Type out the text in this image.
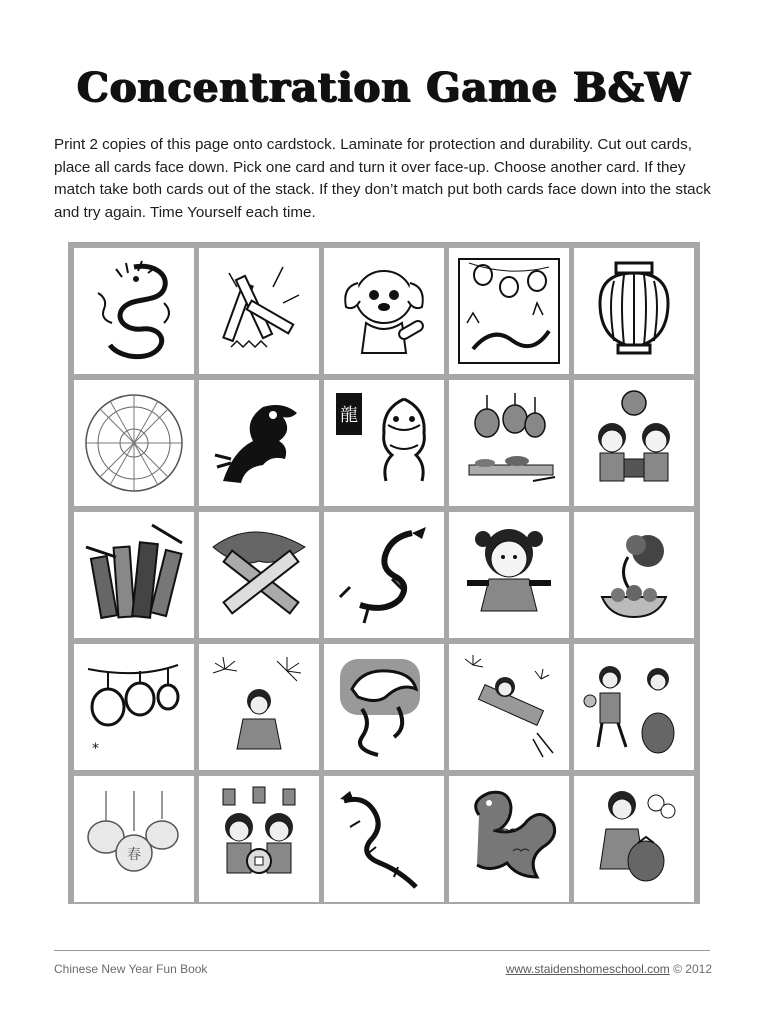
Concentration Game B&W
Print 2 copies of this page onto cardstock. Laminate for protection and durability. Cut out cards, place all cards face down. Pick one card and turn it over face-up. Choose another card. If they match take both cards out of the stack. If they don’t match put both cards face down into the stack and try again. Time Yourself each time.
龍
*
春
Chinese New Year Fun Book	www.staidenshomeschool.com © 2012
